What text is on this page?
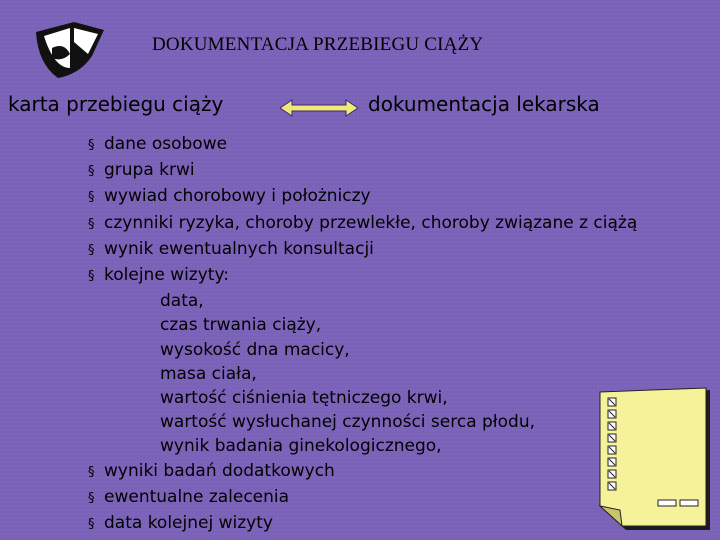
DOKUMENTACJA PRZEBIEGU CIĄŻY
karta przebiegu ciąży	dokumentacja lekarska
§ dane osobowe
§ grupa krwi
§ wywiad chorobowy i położniczy
§ czynniki ryzyka, choroby przewlekłe, choroby związane z ciążą
§ wynik ewentualnych konsultacji
§ kolejne wizyty:
data,
czas trwania ciąży,
wysokość dna macicy,
masa ciała,
wartość ciśnienia tętniczego krwi,
wartość wysłuchanej czynności serca płodu,
wynik badania ginekologicznego,
§ wyniki badań dodatkowych
§ ewentualne zalecenia
§ data kolejnej wizyty
